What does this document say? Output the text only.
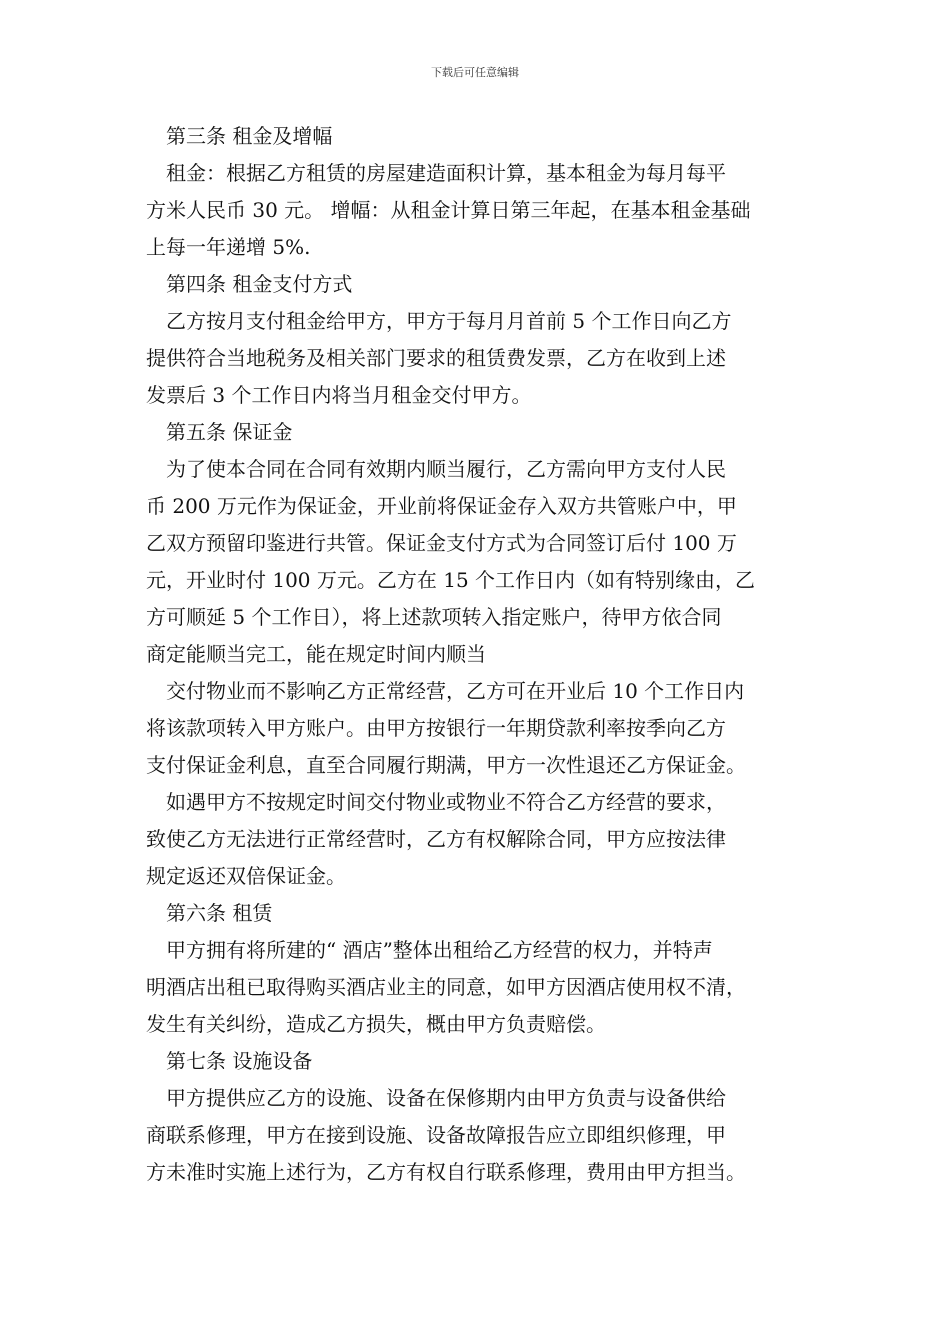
下载后可任意编辑
第三条 租金及增幅
租金：根据乙方租赁的房屋建造面积计算，基本租金为每月每平
方米人民币 30 元。 增幅：从租金计算日第三年起，在基本租金基础
上每一年递增 5%.
第四条 租金支付方式
乙方按月支付租金给甲方，甲方于每月月首前 5 个工作日向乙方
提供符合当地税务及相关部门要求的租赁费发票，乙方在收到上述
发票后 3 个工作日内将当月租金交付甲方。
第五条 保证金
为了使本合同在合同有效期内顺当履行，乙方需向甲方支付人民
币 200 万元作为保证金，开业前将保证金存入双方共管账户中，甲
乙双方预留印鉴进行共管。保证金支付方式为合同签订后付 100 万
元，开业时付 100 万元。乙方在 15 个工作日内（如有特别缘由，乙
方可顺延 5 个工作日），将上述款项转入指定账户，待甲方依合同
商定能顺当完工，能在规定时间内顺当
交付物业而不影响乙方正常经营，乙方可在开业后 10 个工作日内
将该款项转入甲方账户。由甲方按银行一年期贷款利率按季向乙方
支付保证金利息，直至合同履行期满，甲方一次性退还乙方保证金。
如遇甲方不按规定时间交付物业或物业不符合乙方经营的要求，
致使乙方无法进行正常经营时，乙方有权解除合同，甲方应按法律
规定返还双倍保证金。
第六条 租赁
甲方拥有将所建的“ 酒店”整体出租给乙方经营的权力，并特声
明酒店出租已取得购买酒店业主的同意，如甲方因酒店使用权不清，
发生有关纠纷，造成乙方损失，概由甲方负责赔偿。
第七条 设施设备
甲方提供应乙方的设施、设备在保修期内由甲方负责与设备供给
商联系修理，甲方在接到设施、设备故障报告应立即组织修理，甲
方未准时实施上述行为，乙方有权自行联系修理，费用由甲方担当。
